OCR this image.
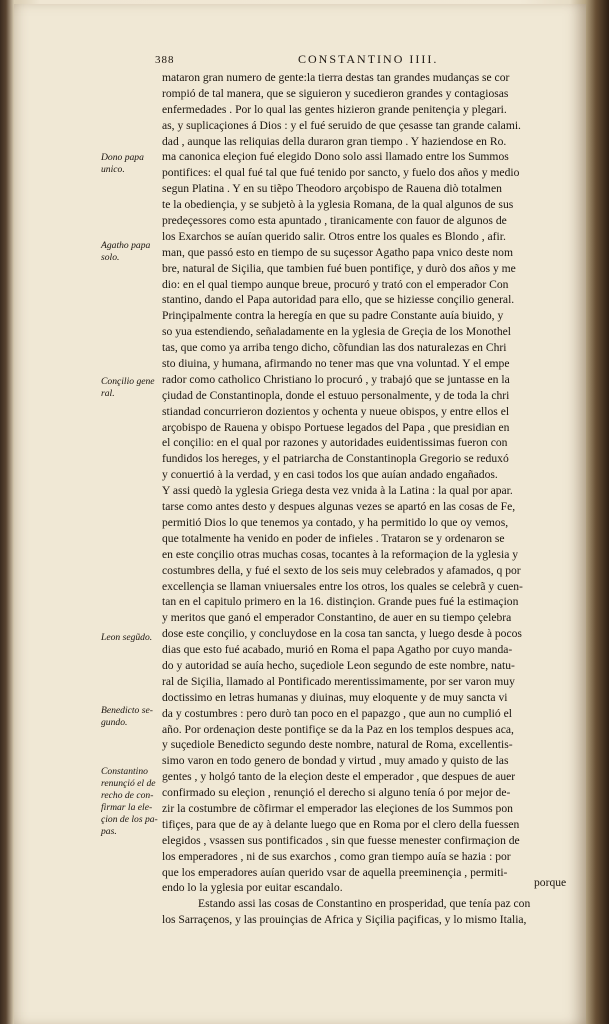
388	CONSTANTINO IIII.
mataron gran numero de gente:la tierra destas tan grandes mudanças se cor
rompió de tal manera, que se siguieron y sucedieron grandes y contagiosas
enfermedades . Por lo qual las gentes hizieron grande penitençia y plegari.
as, y suplicaçiones á Dios : y el fué seruido de que çesasse tan grande calami.
dad , aunque las reliquias della duraron gran tiempo . Y haziendose en Ro.
ma canonica eleçion fué elegido Dono solo assi llamado entre los Summos
pontifices: el qual fué tal que fué tenido por sancto, y fuelo dos años y medio
segun Platina . Y en su tiẽpo Theodoro arçobispo de Rauena diò totalmen
te la obediençia, y se subjetò à la yglesia Romana, de la qual algunos de sus
predeçessores como esta apuntado , tiranicamente con fauor de algunos de
los Exarchos se auían querido salir. Otros entre los quales es Blondo , afir.
man, que passó esto en tiempo de su suçessor Agatho papa vnico deste nom
bre, natural de Siçilia, que tambien fué buen pontifiçe, y durò dos años y me
dio: en el qual tiempo aunque breue, procuró y trató con el emperador Con
stantino, dando el Papa autoridad para ello, que se hiziesse conçilio general.
Prinçipalmente contra la heregía en que su padre Constante auía biuido, y
so yua estendiendo, señaladamente en la yglesia de Greçia de los Monothel
tas, que como ya arriba tengo dicho, cõfundian las dos naturalezas en Chri
sto diuina, y humana, afirmando no tener mas que vna voluntad. Y el empe
rador como catholico Christiano lo procuró , y trabajó que se juntasse en la
çiudad de Constantinopla, donde el estuuo personalmente, y de toda la chri
stiandad concurrieron dozientos y ochenta y nueue obispos, y entre ellos el
arçobispo de Rauena y obispo Portuese legados del Papa , que presidian en
el conçilio: en el qual por razones y autoridades euidentissimas fueron con
fundidos los hereges, y el patriarcha de Constantinopla Gregorio se reduxó
y conuertió à la verdad, y en casi todos los que auían andado engañados.
Y assi quedò la yglesia Griega desta vez vnida à la Latina : la qual por apar.
tarse como antes desto y despues algunas vezes se apartó en las cosas de Fe,
permitió Dios lo que tenemos ya contado, y ha permitido lo que oy vemos,
que totalmente ha venido en poder de infieles . Trataron se y ordenaron se
en este conçilio otras muchas cosas, tocantes à la reformaçion de la yglesia y
costumbres della, y fué el sexto de los seis muy celebrados y afamados, q por
excellençia se llaman vniuersales entre los otros, los quales se celebrã y cuen-
tan en el capitulo primero en la 16. distinçion. Grande pues fué la estimaçion
y meritos que ganó el emperador Constantino, de auer en su tiempo çelebra
dose este conçilio, y concluydose en la cosa tan sancta, y luego desde à pocos
dias que esto fué acabado, murió en Roma el papa Agatho por cuyo manda-
do y autoridad se auía hecho, suçediole Leon segundo de este nombre, natu-
ral de Siçilia, llamado al Pontificado merentissimamente, por ser varon muy
doctissimo en letras humanas y diuinas, muy eloquente y de muy sancta vi
da y costumbres : pero durò tan poco en el papazgo , que aun no cumplió el
año. Por ordenaçion deste pontifiçe se da la Paz en los templos despues aca,
y suçediole Benedicto segundo deste nombre, natural de Roma, excellentis-
simo varon en todo genero de bondad y virtud , muy amado y quisto de las
gentes , y holgó tanto de la eleçion deste el emperador , que despues de auer
confirmado su eleçion , renunçió el derecho si alguno tenía ó por mejor de-
zir la costumbre de cõfirmar el emperador las eleçiones de los Summos pon
tifiçes, para que de ay à delante luego que en Roma por el clero della fuessen
elegidos , vsassen sus pontificados , sin que fuesse menester confirmaçion de
los emperadores , ni de sus exarchos , como gran tiempo auía se hazia : por
que los emperadores auían querido vsar de aquella preeminençia , permiti-
endo lo la yglesia por euitar escandalo.
Estando assi las cosas de Constantino en prosperidad, que tenía paz con
los Sarraçenos, y las prouinçias de Africa y Siçilia paçificas, y lo mismo Italia,
Dono papa
unico.
Agatho papa
solo.
Conçilio gene
ral.
Leon segũdo.
Benedicto se-
gundo.
Constantino
renunçió el de
recho de con-
firmar la ele-
çion de los pa-
pas.
porque
